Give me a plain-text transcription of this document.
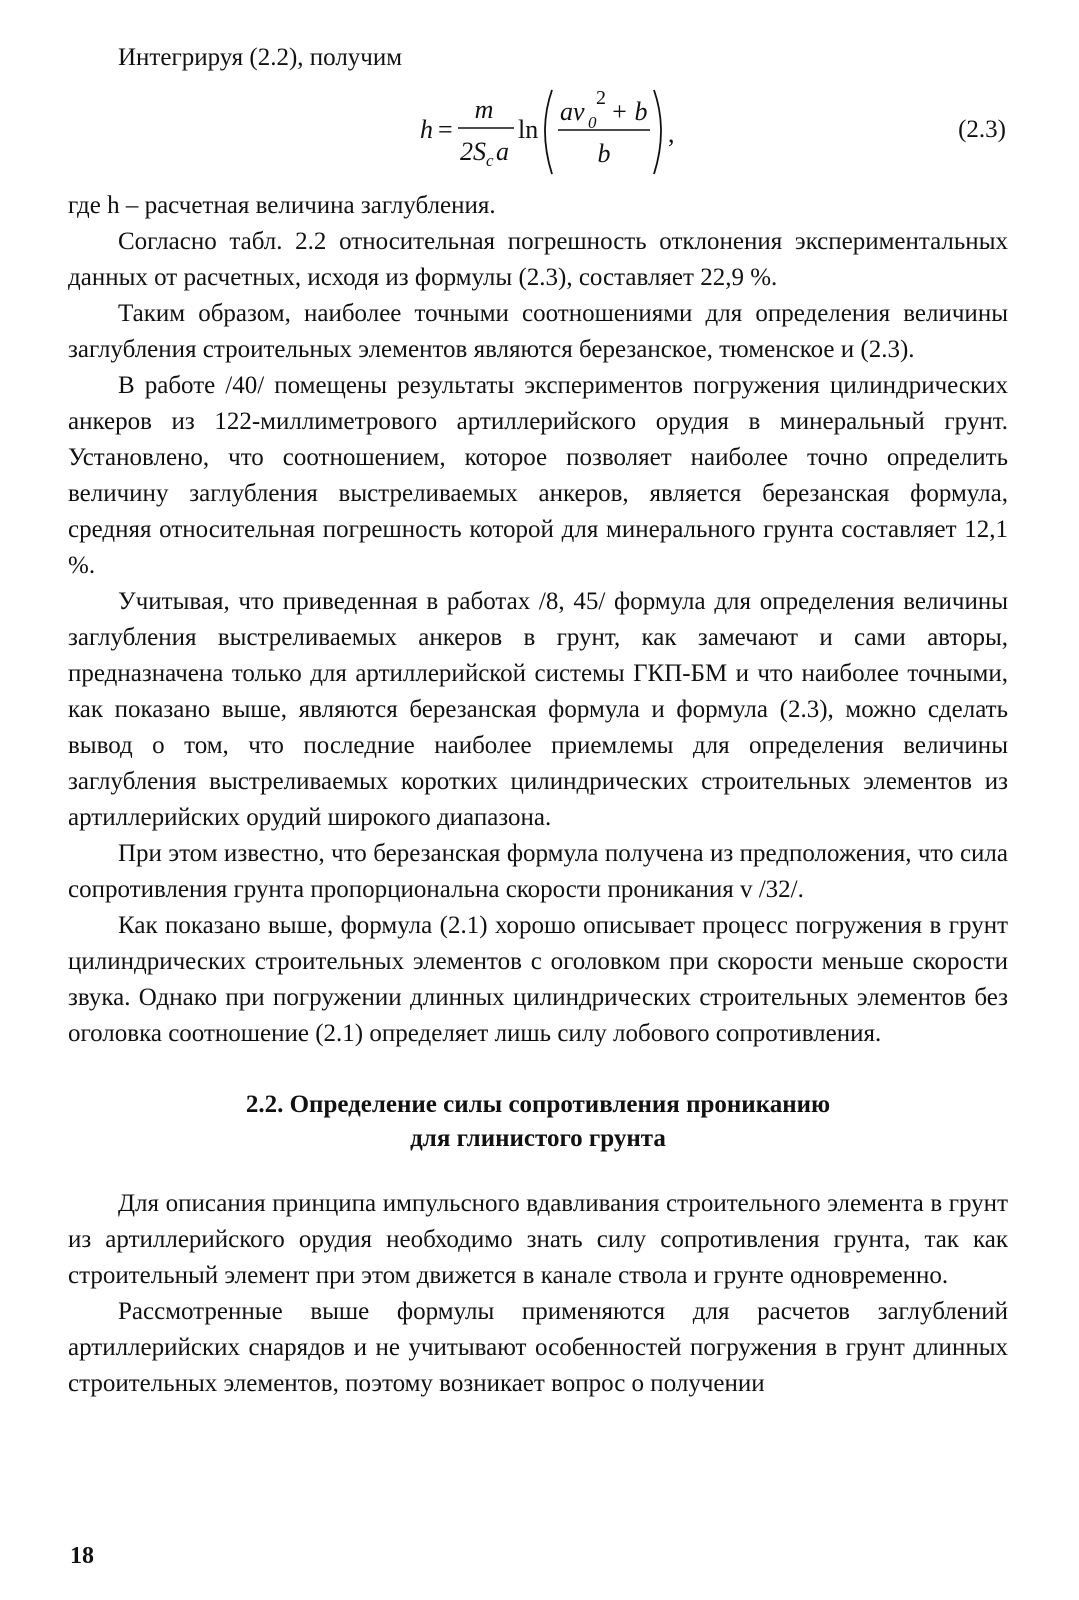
Интегрируя (2.2), получим

h =
m
2S c a
ln
av 0
2
+ b
b
,	(2.3)

где h – расчетная величина заглубления.

Согласно табл. 2.2 относительная погрешность отклонения экспериментальных данных от расчетных, исходя из формулы (2.3), составляет 22,9 %.

Таким образом, наиболее точными соотношениями для определения величины заглубления строительных элементов являются березанское, тюменское и (2.3).

В работе /40/ помещены результаты экспериментов погружения цилиндрических анкеров из 122-миллиметрового артиллерийского орудия в минеральный грунт. Установлено, что соотношением, которое позволяет наиболее точно определить величину заглубления выстреливаемых анкеров, является березанская формула, средняя относительная погрешность которой для минерального грунта составляет 12,1 %.

Учитывая, что приведенная в работах /8, 45/ формула для определения величины заглубления выстреливаемых анкеров в грунт, как замечают и сами авторы, предназначена только для артиллерийской системы ГКП-БМ и что наиболее точными, как показано выше, являются березанская формула и формула (2.3), можно сделать вывод о том, что последние наиболее приемлемы для определения величины заглубления выстреливаемых коротких цилиндрических строительных элементов из артиллерийских орудий широкого диапазона.

При этом известно, что березанская формула получена из предположения, что сила сопротивления грунта пропорциональна скорости проникания v /32/.

Как показано выше, формула (2.1) хорошо описывает процесс погружения в грунт цилиндрических строительных элементов с оголовком при скорости меньше скорости звука. Однако при погружении длинных цилиндрических строительных элементов без оголовка соотношение (2.1) определяет лишь силу лобового сопротивления.

2.2. Определение силы сопротивления прониканию
для глинистого грунта

Для описания принципа импульсного вдавливания строительного элемента в грунт из артиллерийского орудия необходимо знать силу сопротивления грунта, так как строительный элемент при этом движется в канале ствола и грунте одновременно.

Рассмотренные выше формулы применяются для расчетов заглублений артиллерийских снарядов и не учитывают особенностей погружения в грунт длинных строительных элементов, поэтому возникает вопрос о получении

18
